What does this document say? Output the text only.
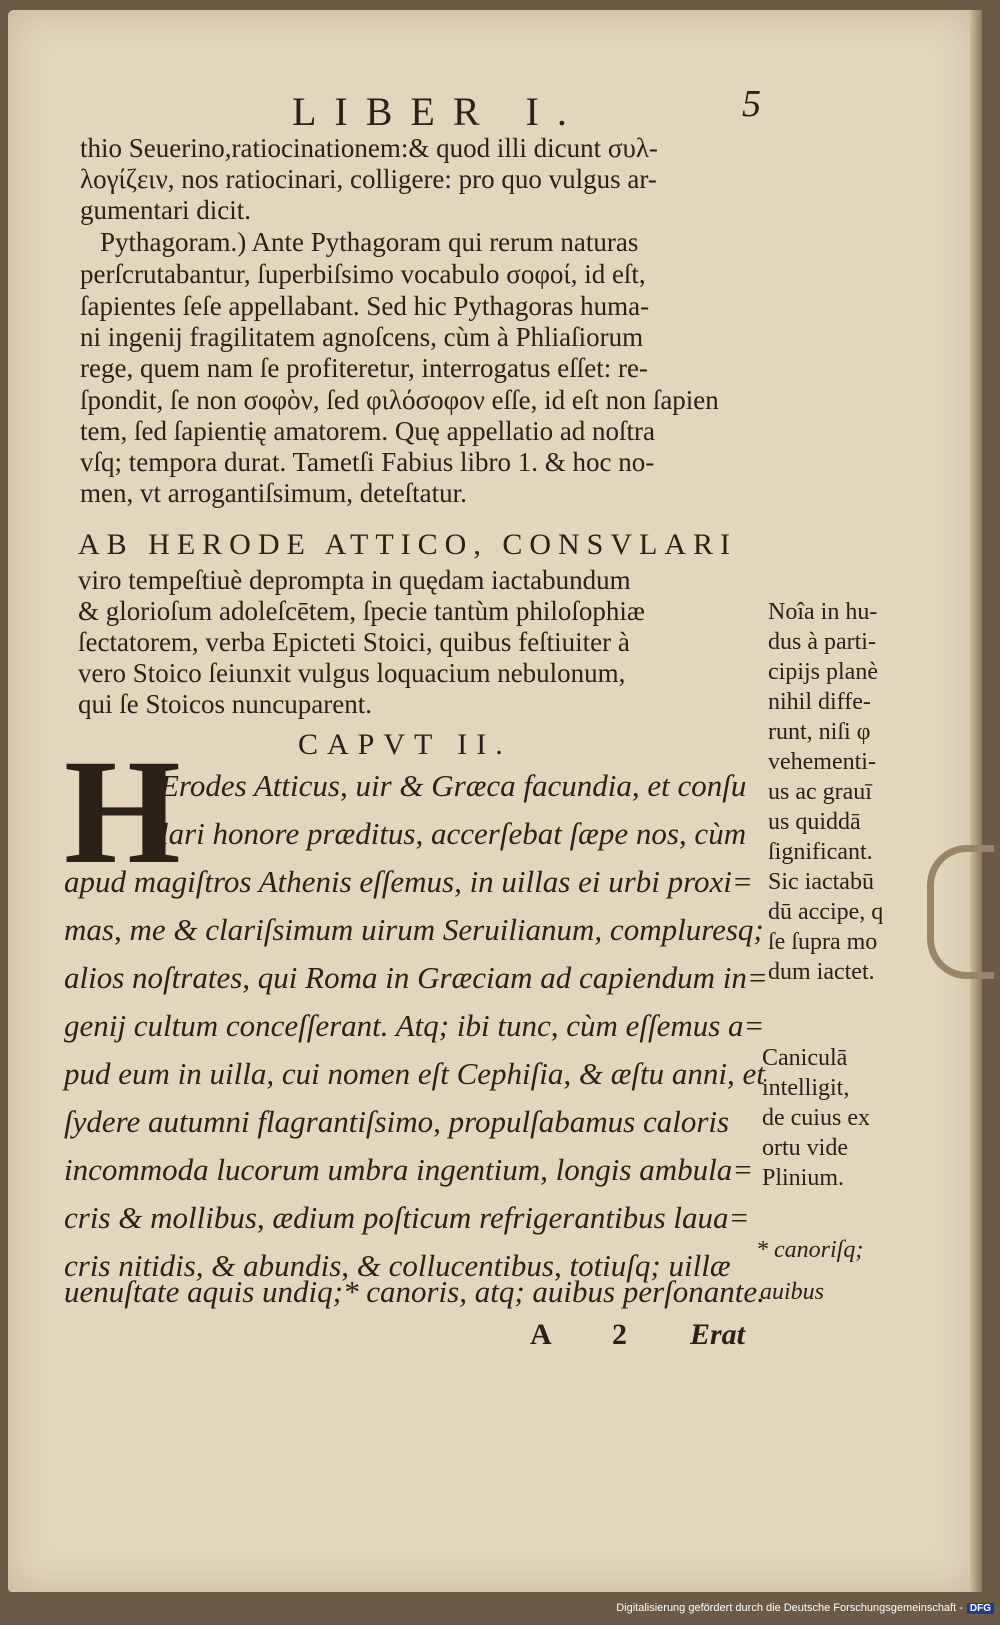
LIBER I.	5
thio Seuerino,ratiocinationem:& quod illi dicunt συλ-
λογίζειν, nos ratiocinari, colligere: pro quo vulgus ar-
gumentari dicit.
Pythagoram.) Ante Pythagoram qui rerum naturas
perſcrutabantur, ſuperbiſsimo vocabulo σοφοί, id eſt,
ſapientes ſeſe appellabant. Sed hic Pythagoras huma-
ni ingenij fragilitatem agnoſcens, cùm à Phliaſiorum
rege, quem nam ſe profiteretur, interrogatus eſſet: re-
ſpondit, ſe non σοφὸν, ſed φιλόσοφον eſſe, id eſt non ſapien
tem, ſed ſapientię amatorem. Quę appellatio ad noſtra
vſq; tempora durat. Tametſi Fabius libro 1. & hoc no-
men, vt arrogantiſsimum, deteſtatur.
AB HERODE ATTICO, CONSVLARI
viro tempeſtiuè deprompta in quędam iactabundum
& glorioſum adoleſcētem, ſpecie tantùm philoſophiæ
ſectatorem, verba Epicteti Stoici, quibus feſtiuiter à
vero Stoico ſeiunxit vulgus loquacium nebulonum,
qui ſe Stoicos nuncuparent.
CAPVT II.
H
Erodes Atticus, uir & Græca facundia, et conſu
lari honore præditus, accerſebat ſæpe nos, cùm
apud magiſtros Athenis eſſemus, in uillas ei urbi proxi=
mas, me & clariſsimum uirum Seruilianum, compluresq;
alios noſtrates, qui Roma in Græciam ad capiendum in=
genij cultum conceſſerant. Atq; ibi tunc, cùm eſſemus a=
pud eum in uilla, cui nomen eſt Cephiſia, & æſtu anni, et
ſydere autumni flagrantiſsimo, propulſabamus caloris
incommoda lucorum umbra ingentium, longis ambula=
cris & mollibus, ædium poſticum refrigerantibus laua=
cris nitidis, & abundis, & collucentibus, totiuſq; uillæ
uenuſtate aquis undiq;* canoris, atq; auibus perſonante.
Noîa in hu-
dus à parti-
cipijs planè
nihil diffe-
runt, niſi φ
vehementi-
us ac grauī
us quiddā
ſignificant.
Sic iactabū
dū accipe, q
ſe ſupra mo
dum iactet.
Caniculā
intelligit,
de cuius ex
ortu vide
Plinium.
* canoriſq;
auibus
A 2 Erat
Digitalisierung gefördert durch die Deutsche Forschungsgemeinschaft - DFG
